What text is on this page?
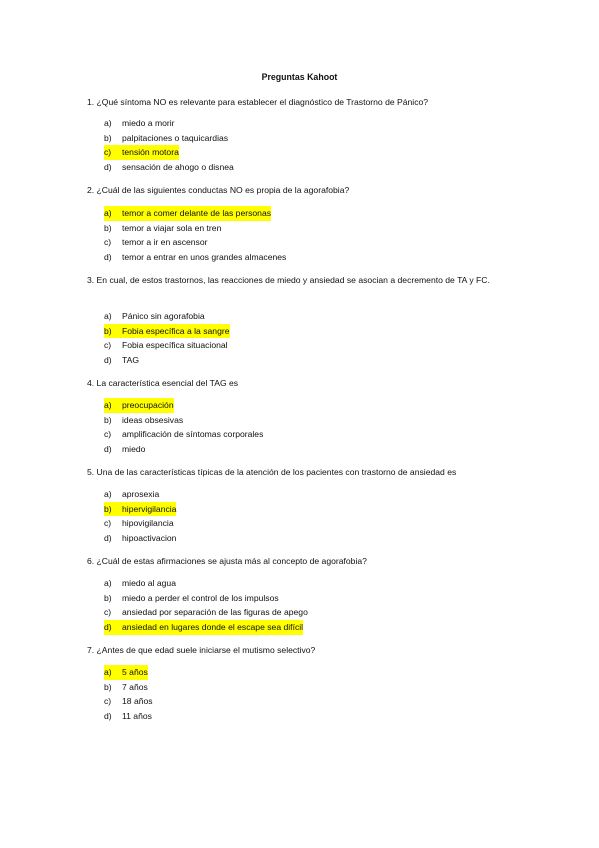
Preguntas Kahoot
1. ¿Qué síntoma NO es relevante para establecer el diagnóstico de Trastorno de Pánico?
a)	miedo a morir
b)	palpitaciones o taquicardias
c)	tensión motora
d)	sensación de ahogo o disnea
2. ¿Cuál de las siguientes conductas NO es propia de la agorafobia?
a)	temor a comer delante de las personas
b)	temor a viajar sola en tren
c)	temor a ir en ascensor
d)	temor a entrar en unos grandes almacenes
3. En cual, de estos trastornos, las reacciones de miedo y ansiedad se asocian a decremento de TA y FC.
a)	Pánico sin agorafobia
b)	Fobia específica a la sangre
c)	Fobia específica situacional
d)	TAG
4. La característica esencial del TAG es
a)	preocupación
b)	ideas obsesivas
c)	amplificación de síntomas corporales
d)	miedo
5. Una de las características típicas de la atención de los pacientes con trastorno de ansiedad es
a)	aprosexia
b)	hipervigilancia
c)	hipovigilancia
d)	hipoactivacion
6. ¿Cuál de estas afirmaciones se ajusta más al concepto de agorafobia?
a)	miedo al agua
b)	miedo a perder el control de los impulsos
c)	ansiedad por separación de las figuras de apego
d)	ansiedad en lugares donde el escape sea difícil
7. ¿Antes de que edad suele iniciarse el mutismo selectivo?
a)	5 años
b)	7 años
c)	18 años
d)	11 años
